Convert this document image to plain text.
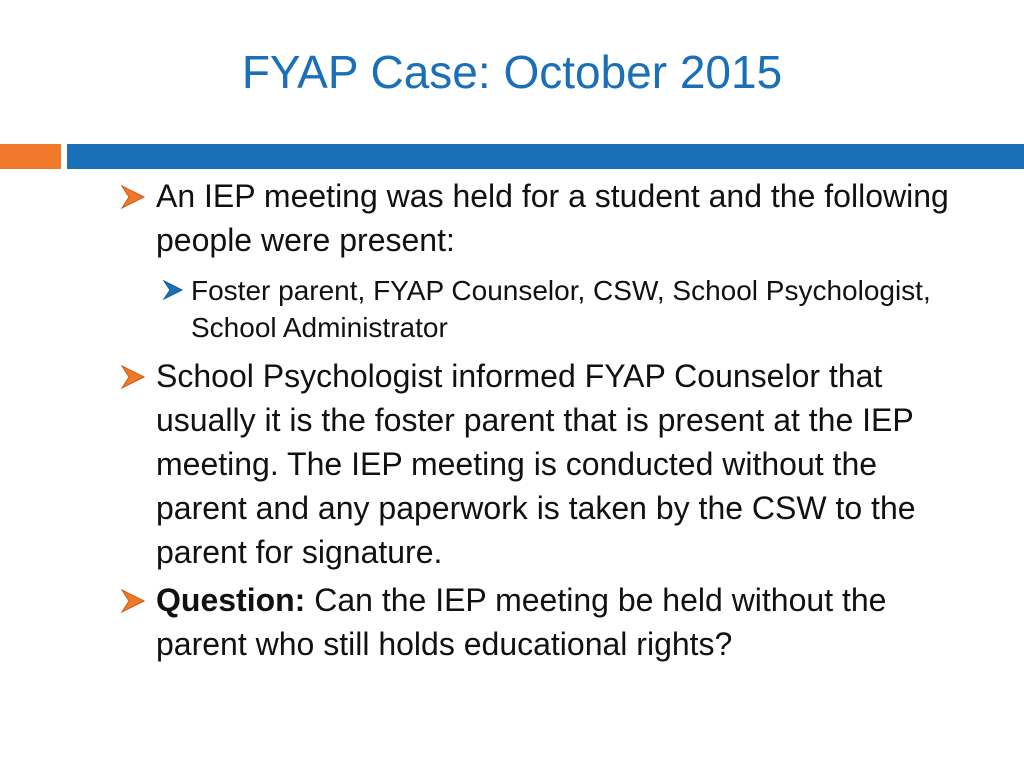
FYAP Case: October 2015

An IEP meeting was held for a student and the following people were present:

Foster parent, FYAP Counselor, CSW, School Psychologist, School Administrator

School Psychologist informed FYAP Counselor that usually it is the foster parent that is present at the IEP meeting. The IEP meeting is conducted without the parent and any paperwork is taken by the CSW to the parent for signature.

Question: Can the IEP meeting be held without the parent who still holds educational rights?
